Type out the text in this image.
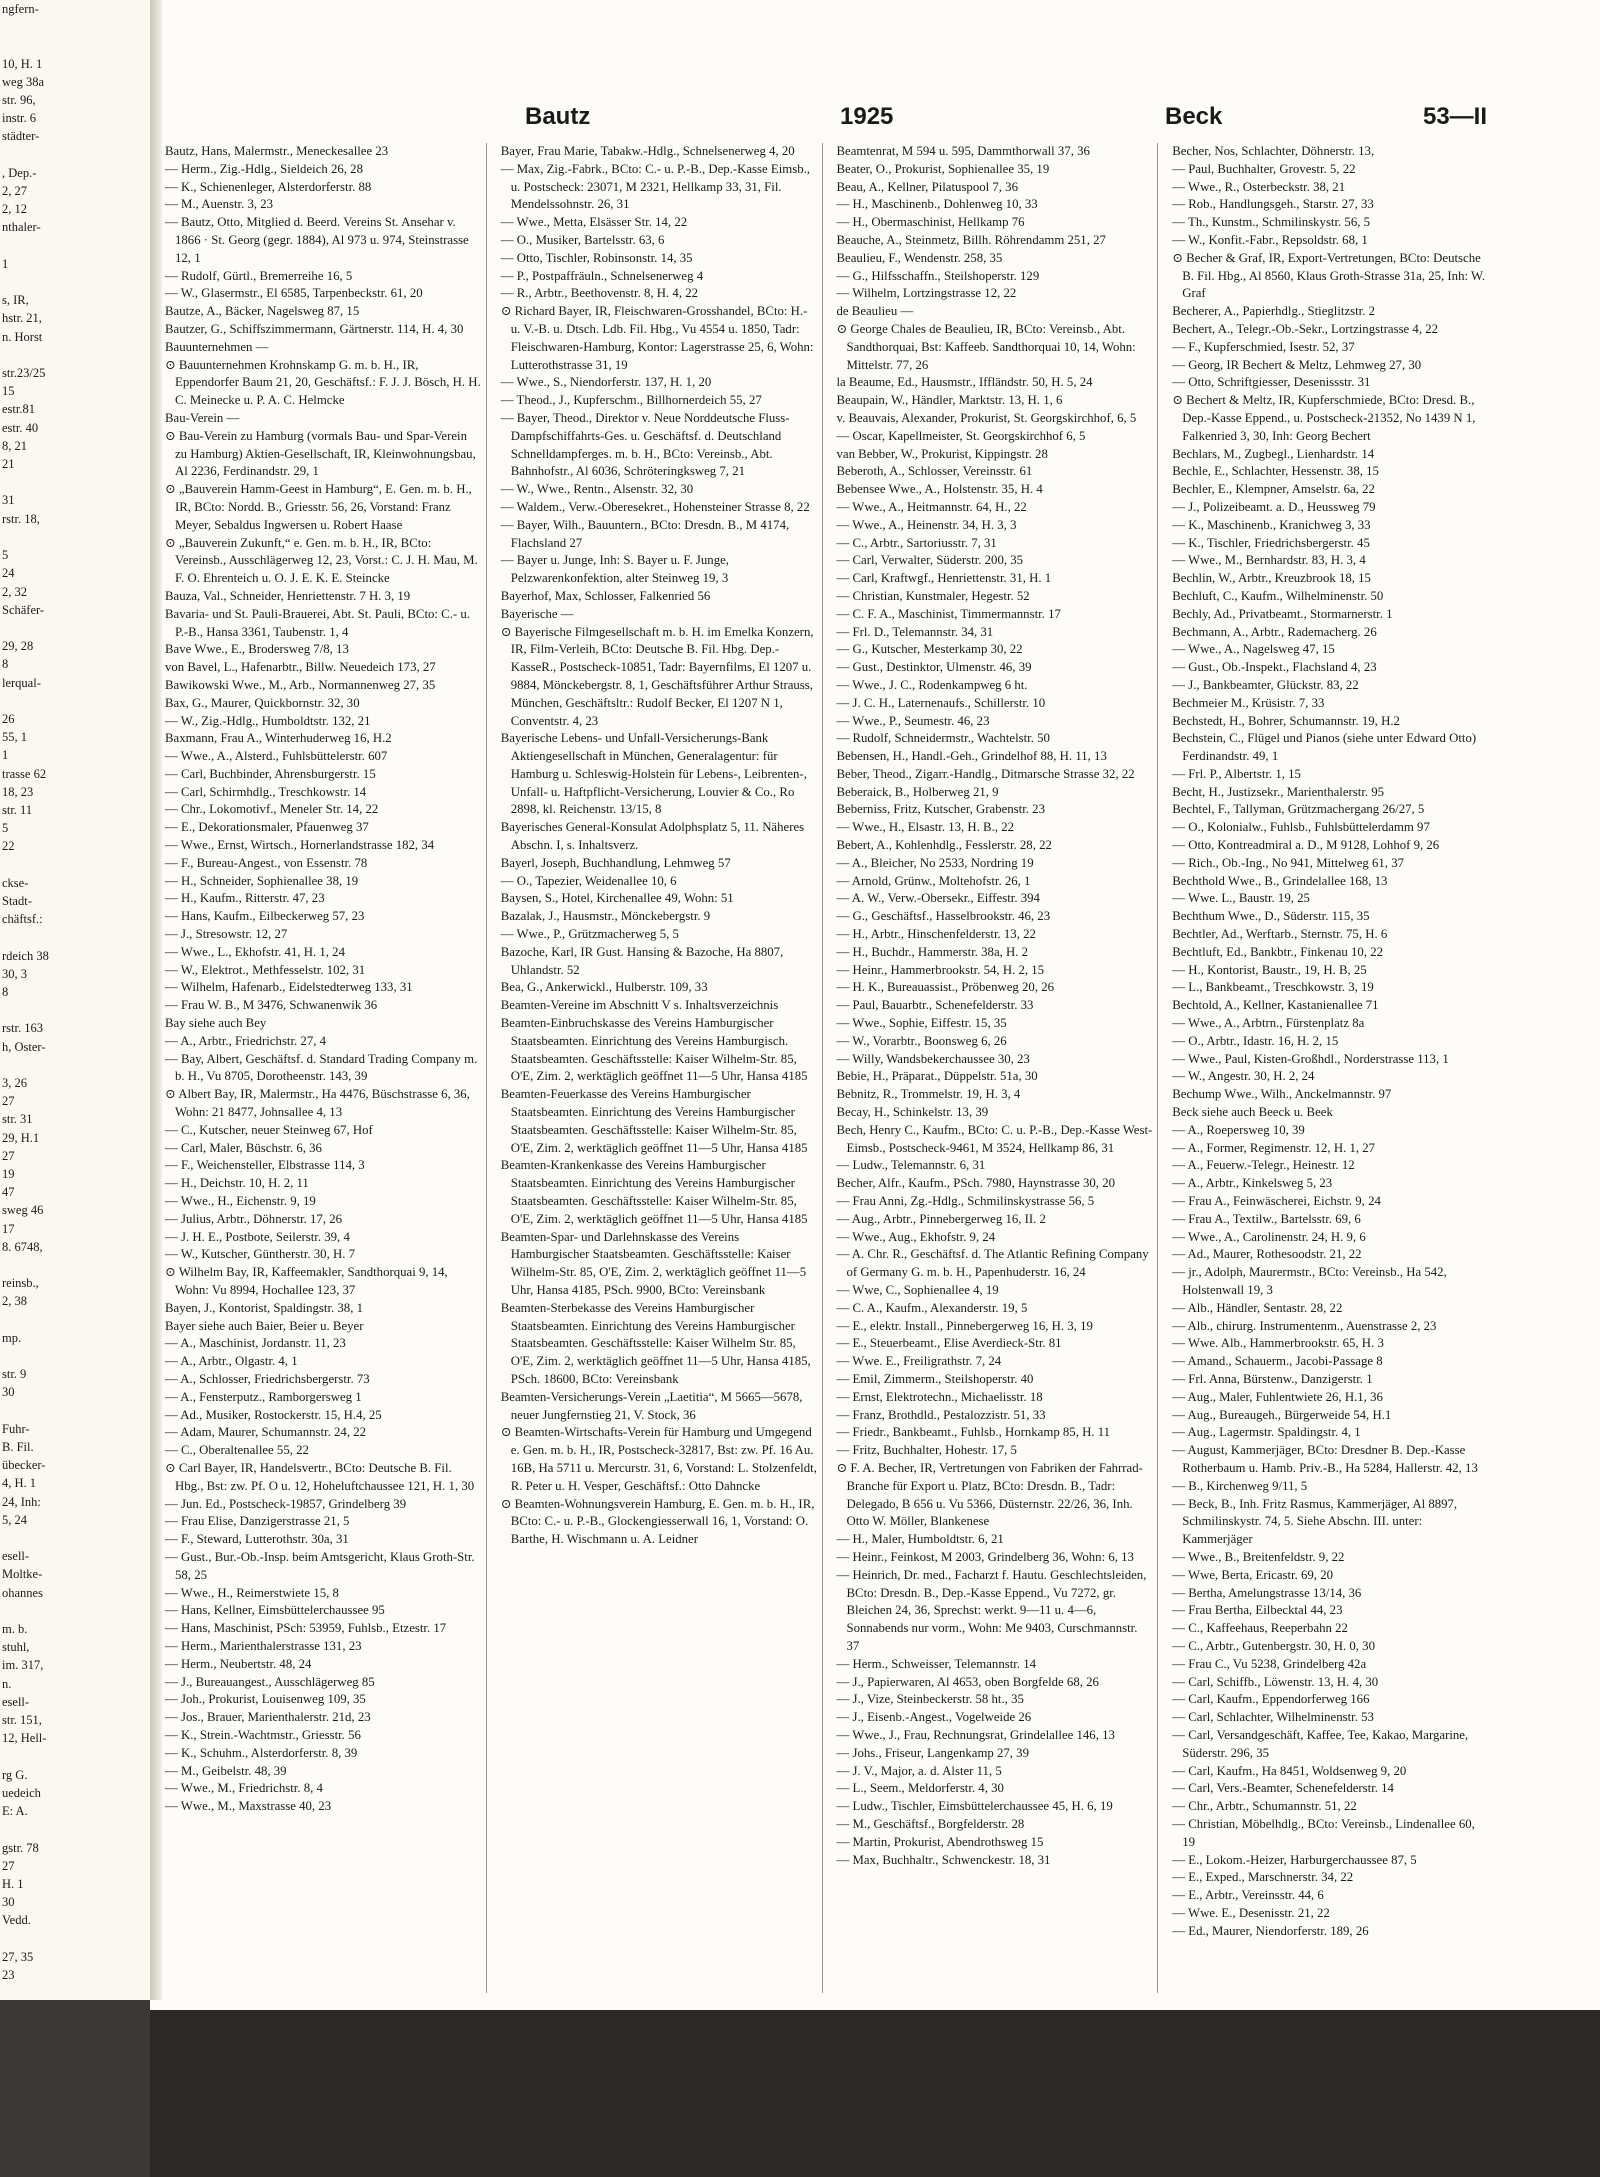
ngfern-

10, H. 1
weg 38a
str. 96,
instr. 6
städter-

, Dep.-
2, 27
2, 12
nthaler-

1

s, IR,
hstr. 21,
n. Horst

str.23/25
15
estr.81
estr. 40
8, 21
21

31
rstr. 18,

5
24
2, 32
Schäfer-

29, 28
8
lerqual-

26
55, 1
1
trasse 62
18, 23
str. 11
5
22

ckse-
Stadt-
chäftsf.:

rdeich 38
30, 3
8

rstr. 163
h, Oster-

3, 26
27
str. 31
29, H.1
27
19
47
sweg 46
17
8. 6748,

reinsb.,
2, 38

mp.

str. 9
30

Fuhr-
B. Fil.
übecker-
4, H. 1
24, Inh:
5, 24

esell-
Moltke-
ohannes

m. b.
stuhl,
im. 317,
n.
esell-
str. 151,
12, Hell-

rg G.
uedeich
E: A.

gstr. 78
27
H. 1
30
Vedd.

27, 35
23

Bautz	1925	Beck	53—II
Bautz, Hans, Malermstr., Meneckesallee 23
— Herm., Zig.-Hdlg., Sieldeich 26, 28
— K., Schienenleger, Alsterdorferstr. 88
— M., Auenstr. 3, 23
— Bautz, Otto, Mitglied d. Beerd. Vereins St. Ansehar v. 1866 · St. Georg (gegr. 1884), Al 973 u. 974, Steinstrasse 12, 1
— Rudolf, Gürtl., Bremerreihe 16, 5
— W., Glasermstr., El 6585, Tarpenbeckstr. 61, 20
Bautze, A., Bäcker, Nagelsweg 87, 15
Bautzer, G., Schiffszimmermann, Gärtnerstr. 114, H. 4, 30
Bauunternehmen —
⊙ Bauunternehmen Krohnskamp G. m. b. H., IR, Eppendorfer Baum 21, 20, Geschäftsf.: F. J. J. Bösch, H. H. C. Meinecke u. P. A. C. Helmcke
Bau-Verein —
⊙ Bau-Verein zu Hamburg (vormals Bau- und Spar-Verein zu Hamburg) Aktien-Gesellschaft, IR, Kleinwohnungsbau, Al 2236, Ferdinandstr. 29, 1
⊙ „Bauverein Hamm-Geest in Hamburg“, E. Gen. m. b. H., IR, BCto: Nordd. B., Griesstr. 56, 26, Vorstand: Franz Meyer, Sebaldus Ingwersen u. Robert Haase
⊙ „Bauverein Zukunft,“ e. Gen. m. b. H., IR, BCto: Vereinsb., Ausschlägerweg 12, 23, Vorst.: C. J. H. Mau, M. F. O. Ehrenteich u. O. J. E. K. E. Steincke
Bauza, Val., Schneider, Henriettenstr. 7 H. 3, 19
Bavaria- und St. Pauli-Brauerei, Abt. St. Pauli, BCto: C.- u. P.-B., Hansa 3361, Taubenstr. 1, 4
Bave Wwe., E., Brodersweg 7/8, 13
von Bavel, L., Hafenarbtr., Billw. Neuedeich 173, 27
Bawikowski Wwe., M., Arb., Normannenweg 27, 35
Bax, G., Maurer, Quickbornstr. 32, 30
— W., Zig.-Hdlg., Humboldtstr. 132, 21
Baxmann, Frau A., Winterhuderweg 16, H.2
— Wwe., A., Alsterd., Fuhlsbüttelerstr. 607
— Carl, Buchbinder, Ahrensburgerstr. 15
— Carl, Schirmhdlg., Treschkowstr. 14
— Chr., Lokomotivf., Meneler Str. 14, 22
— E., Dekorationsmaler, Pfauenweg 37
— Wwe., Ernst, Wirtsch., Hornerlandstrasse 182, 34
— F., Bureau-Angest., von Essenstr. 78
— H., Schneider, Sophienallee 38, 19
— H., Kaufm., Ritterstr. 47, 23
— Hans, Kaufm., Eilbeckerweg 57, 23
— J., Stresowstr. 12, 27
— Wwe., L., Ekhofstr. 41, H. 1, 24
— W., Elektrot., Methfesselstr. 102, 31
— Wilhelm, Hafenarb., Eidelstedterweg 133, 31
— Frau W. B., M 3476, Schwanenwik 36
Bay siehe auch Bey
— A., Arbtr., Friedrichstr. 27, 4
— Bay, Albert, Geschäftsf. d. Standard Trading Company m. b. H., Vu 8705, Dorotheenstr. 143, 39
⊙ Albert Bay, IR, Malermstr., Ha 4476, Büschstrasse 6, 36, Wohn: 21 8477, Johnsallee 4, 13
— C., Kutscher, neuer Steinweg 67, Hof
— Carl, Maler, Büschstr. 6, 36
— F., Weichensteller, Elbstrasse 114, 3
— H., Deichstr. 10, H. 2, 11
— Wwe., H., Eichenstr. 9, 19
— Julius, Arbtr., Döhnerstr. 17, 26
— J. H. E., Postbote, Seilerstr. 39, 4
— W., Kutscher, Güntherstr. 30, H. 7
⊙ Wilhelm Bay, IR, Kaffeemakler, Sandthorquai 9, 14, Wohn: Vu 8994, Hochallee 123, 37
Bayen, J., Kontorist, Spaldingstr. 38, 1
Bayer siehe auch Baier, Beier u. Beyer
— A., Maschinist, Jordanstr. 11, 23
— A., Arbtr., Olgastr. 4, 1
— A., Schlosser, Friedrichsbergerstr. 73
— A., Fensterputz., Ramborgersweg 1
— Ad., Musiker, Rostockerstr. 15, H.4, 25
— Adam, Maurer, Schumannstr. 24, 22
— C., Oberaltenallee 55, 22
⊙ Carl Bayer, IR, Handelsvertr., BCto: Deutsche B. Fil. Hbg., Bst: zw. Pf. O u. 12, Hoheluftchaussee 121, H. 1, 30
— Jun. Ed., Postscheck-19857, Grindelberg 39
— Frau Elise, Danzigerstrasse 21, 5
— F., Steward, Lutterothstr. 30a, 31
— Gust., Bur.-Ob.-Insp. beim Amtsgericht, Klaus Groth-Str. 58, 25
— Wwe., H., Reimerstwiete 15, 8
— Hans, Kellner, Eimsbüttelerchaussee 95
— Hans, Maschinist, PSch: 53959, Fuhlsb., Etzestr. 17
— Herm., Marienthalerstrasse 131, 23
— Herm., Neubertstr. 48, 24
— J., Bureauangest., Ausschlägerweg 85
— Joh., Prokurist, Louisenweg 109, 35
— Jos., Brauer, Marienthalerstr. 21d, 23
— K., Strein.-Wachtmstr., Griesstr. 56
— K., Schuhm., Alsterdorferstr. 8, 39
— M., Geibelstr. 48, 39
— Wwe., M., Friedrichstr. 8, 4
— Wwe., M., Maxstrasse 40, 23
Bayer, Frau Marie, Tabakw.-Hdlg., Schnelsenerweg 4, 20
— Max, Zig.-Fabrk., BCto: C.- u. P.-B., Dep.-Kasse Eimsb., u. Postscheck: 23071, M 2321, Hellkamp 33, 31, Fil. Mendelssohnstr. 26, 31
— Wwe., Metta, Elsässer Str. 14, 22
— O., Musiker, Bartelsstr. 63, 6
— Otto, Tischler, Robinsonstr. 14, 35
— P., Postpaffräuln., Schnelsenerweg 4
— R., Arbtr., Beethovenstr. 8, H. 4, 22
⊙ Richard Bayer, IR, Fleischwaren-Grosshandel, BCto: H.- u. V.-B. u. Dtsch. Ldb. Fil. Hbg., Vu 4554 u. 1850, Tadr: Fleischwaren-Hamburg, Kontor: Lagerstrasse 25, 6, Wohn: Lutterothstrasse 31, 19
— Wwe., S., Niendorferstr. 137, H. 1, 20
— Theod., J., Kupferschm., Billhornerdeich 55, 27
— Bayer, Theod., Direktor v. Neue Norddeutsche Fluss-Dampfschiffahrts-Ges. u. Geschäftsf. d. Deutschland Schnelldampferges. m. b. H., BCto: Vereinsb., Abt. Bahnhofstr., Al 6036, Schröteringksweg 7, 21
— W., Wwe., Rentn., Alsenstr. 32, 30
— Waldem., Verw.-Oberesekret., Hohensteiner Strasse 8, 22
— Bayer, Wilh., Bauuntern., BCto: Dresdn. B., M 4174, Flachsland 27
— Bayer u. Junge, Inh: S. Bayer u. F. Junge, Pelzwarenkonfektion, alter Steinweg 19, 3
Bayerhof, Max, Schlosser, Falkenried 56
Bayerische —
⊙ Bayerische Filmgesellschaft m. b. H. im Emelka Konzern, IR, Film-Verleih, BCto: Deutsche B. Fil. Hbg. Dep.-KasseR., Postscheck-10851, Tadr: Bayernfilms, El 1207 u. 9884, Mönckebergstr. 8, 1, Geschäftsführer Arthur Strauss, München, Geschäftsltr.: Rudolf Becker, El 1207 N 1, Conventstr. 4, 23
Bayerische Lebens- und Unfall-Versicherungs-Bank Aktiengesellschaft in München, Generalagentur: für Hamburg u. Schleswig-Holstein für Lebens-, Leibrenten-, Unfall- u. Haftpflicht-Versicherung, Louvier & Co., Ro 2898, kl. Reichenstr. 13/15, 8
Bayerisches General-Konsulat Adolphsplatz 5, 11. Näheres Abschn. I, s. Inhaltsverz.
Bayerl, Joseph, Buchhandlung, Lehmweg 57
— O., Tapezier, Weidenallee 10, 6
Baysen, S., Hotel, Kirchenallee 49, Wohn: 51
Bazalak, J., Hausmstr., Mönckebergstr. 9
— Wwe., P., Grützmacherweg 5, 5
Bazoche, Karl, IR Gust. Hansing & Bazoche, Ha 8807, Uhlandstr. 52
Bea, G., Ankerwickl., Hulberstr. 109, 33
Beamten-Vereine im Abschnitt V s. Inhaltsverzeichnis
Beamten-Einbruchskasse des Vereins Hamburgischer Staatsbeamten. Einrichtung des Vereins Hamburgisch. Staatsbeamten. Geschäftsstelle: Kaiser Wilhelm-Str. 85, O'E, Zim. 2, werktäglich geöffnet 11—5 Uhr, Hansa 4185
Beamten-Feuerkasse des Vereins Hamburgischer Staatsbeamten. Einrichtung des Vereins Hamburgischer Staatsbeamten. Geschäftsstelle: Kaiser Wilhelm-Str. 85, O'E, Zim. 2, werktäglich geöffnet 11—5 Uhr, Hansa 4185
Beamten-Krankenkasse des Vereins Hamburgischer Staatsbeamten. Einrichtung des Vereins Hamburgischer Staatsbeamten. Geschäftsstelle: Kaiser Wilhelm-Str. 85, O'E, Zim. 2, werktäglich geöffnet 11—5 Uhr, Hansa 4185
Beamten-Spar- und Darlehnskasse des Vereins Hamburgischer Staatsbeamten. Geschäftsstelle: Kaiser Wilhelm-Str. 85, O'E, Zim. 2, werktäglich geöffnet 11—5 Uhr, Hansa 4185, PSch. 9900, BCto: Vereinsbank
Beamten-Sterbekasse des Vereins Hamburgischer Staatsbeamten. Einrichtung des Vereins Hamburgischer Staatsbeamten. Geschäftsstelle: Kaiser Wilhelm Str. 85, O'E, Zim. 2, werktäglich geöffnet 11—5 Uhr, Hansa 4185, PSch. 18600, BCto: Vereinsbank
Beamten-Versicherungs-Verein „Laetitia“, M 5665—5678, neuer Jungfernstieg 21, V. Stock, 36
⊙ Beamten-Wirtschafts-Verein für Hamburg und Umgegend e. Gen. m. b. H., IR, Postscheck-32817, Bst: zw. Pf. 16 Au. 16B, Ha 5711 u. Mercurstr. 31, 6, Vorstand: L. Stolzenfeldt, R. Peter u. H. Vesper, Geschäftsf.: Otto Dahncke
⊙ Beamten-Wohnungsverein Hamburg, E. Gen. m. b. H., IR, BCto: C.- u. P.-B., Glockengiesserwall 16, 1, Vorstand: O. Barthe, H. Wischmann u. A. Leidner
Beamtenrat, M 594 u. 595, Dammthorwall 37, 36
Beater, O., Prokurist, Sophienallee 35, 19
Beau, A., Kellner, Pilatuspool 7, 36
— H., Maschinenb., Dohlenweg 10, 33
— H., Obermaschinist, Hellkamp 76
Beauche, A., Steinmetz, Billh. Röhrendamm 251, 27
Beaulieu, F., Wendenstr. 258, 35
— G., Hilfsschaffn., Steilshoperstr. 129
— Wilhelm, Lortzingstrasse 12, 22
de Beaulieu —
⊙ George Chales de Beaulieu, IR, BCto: Vereinsb., Abt. Sandthorquai, Bst: Kaffeeb. Sandthorquai 10, 14, Wohn: Mittelstr. 77, 26
la Beaume, Ed., Hausmstr., Iffländstr. 50, H. 5, 24
Beaupain, W., Händler, Marktstr. 13, H. 1, 6
v. Beauvais, Alexander, Prokurist, St. Georgskirchhof, 6, 5
— Oscar, Kapellmeister, St. Georgskirchhof 6, 5
van Bebber, W., Prokurist, Kippingstr. 28
Beberoth, A., Schlosser, Vereinsstr. 61
Bebensee Wwe., A., Holstenstr. 35, H. 4
— Wwe., A., Heitmannstr. 64, H., 22
— Wwe., A., Heinenstr. 34, H. 3, 3
— C., Arbtr., Sartoriusstr. 7, 31
— Carl, Verwalter, Süderstr. 200, 35
— Carl, Kraftwgf., Henriettenstr. 31, H. 1
— Christian, Kunstmaler, Hegestr. 52
— C. F. A., Maschinist, Timmermannstr. 17
— Frl. D., Telemannstr. 34, 31
— G., Kutscher, Mesterkamp 30, 22
— Gust., Destinktor, Ulmenstr. 46, 39
— Wwe., J. C., Rodenkampweg 6 ht.
— J. C. H., Laternenaufs., Schillerstr. 10
— Wwe., P., Seumestr. 46, 23
— Rudolf, Schneidermstr., Wachtelstr. 50
Bebensen, H., Handl.-Geh., Grindelhof 88, H. 11, 13
Beber, Theod., Zigarr.-Handlg., Ditmarsche Strasse 32, 22
Beberaick, B., Holberweg 21, 9
Beberniss, Fritz, Kutscher, Grabenstr. 23
— Wwe., H., Elsastr. 13, H. B., 22
Bebert, A., Kohlenhdlg., Fesslerstr. 28, 22
— A., Bleicher, No 2533, Nordring 19
— Arnold, Grünw., Moltehofstr. 26, 1
— A. W., Verw.-Obersekr., Eiffestr. 394
— G., Geschäftsf., Hasselbrookstr. 46, 23
— H., Arbtr., Hinschenfelderstr. 13, 22
— H., Buchdr., Hammerstr. 38a, H. 2
— Heinr., Hammerbrookstr. 54, H. 2, 15
— H. K., Bureauassist., Pröbenweg 20, 26
— Paul, Bauarbtr., Schenefelderstr. 33
— Wwe., Sophie, Eiffestr. 15, 35
— W., Vorarbtr., Boonsweg 6, 26
— Willy, Wandsbekerchaussee 30, 23
Bebie, H., Präparat., Düppelstr. 51a, 30
Bebnitz, R., Trommelstr. 19, H. 3, 4
Becay, H., Schinkelstr. 13, 39
Bech, Henry C., Kaufm., BCto: C. u. P.-B., Dep.-Kasse West-Eimsb., Postscheck-9461, M 3524, Hellkamp 86, 31
— Ludw., Telemannstr. 6, 31
Becher, Alfr., Kaufm., PSch. 7980, Haynstrasse 30, 20
— Frau Anni, Zg.-Hdlg., Schmilinskystrasse 56, 5
— Aug., Arbtr., Pinnebergerweg 16, II. 2
— Wwe., Aug., Ekhofstr. 9, 24
— A. Chr. R., Geschäftsf. d. The Atlantic Refining Company of Germany G. m. b. H., Papenhuderstr. 16, 24
— Wwe, C., Sophienallee 4, 19
— C. A., Kaufm., Alexanderstr. 19, 5
— E., elektr. Install., Pinnebergerweg 16, H. 3, 19
— E., Steuerbeamt., Elise Averdieck-Str. 81
— Wwe. E., Freiligrathstr. 7, 24
— Emil, Zimmerm., Steilshoperstr. 40
— Ernst, Elektrotechn., Michaelisstr. 18
— Franz, Brothdld., Pestalozzistr. 51, 33
— Friedr., Bankbeamt., Fuhlsb., Hornkamp 85, H. 11
— Fritz, Buchhalter, Hohestr. 17, 5
⊙ F. A. Becher, IR, Vertretungen von Fabriken der Fahrrad-Branche für Export u. Platz, BCto: Dresdn. B., Tadr: Delegado, B 656 u. Vu 5366, Düsternstr. 22/26, 36, Inh. Otto W. Möller, Blankenese
— H., Maler, Humboldtstr. 6, 21
— Heinr., Feinkost, M 2003, Grindelberg 36, Wohn: 6, 13
— Heinrich, Dr. med., Facharzt f. Hautu. Geschlechtsleiden, BCto: Dresdn. B., Dep.-Kasse Eppend., Vu 7272, gr. Bleichen 24, 36, Sprechst: werkt. 9—11 u. 4—6, Sonnabends nur vorm., Wohn: Me 9403, Curschmannstr. 37
— Herm., Schweisser, Telemannstr. 14
— J., Papierwaren, Al 4653, oben Borgfelde 68, 26
— J., Vize, Steinbeckerstr. 58 ht., 35
— J., Eisenb.-Angest., Vogelweide 26
— Wwe., J., Frau, Rechnungsrat, Grindelallee 146, 13
— Johs., Friseur, Langenkamp 27, 39
— J. V., Major, a. d. Alster 11, 5
— L., Seem., Meldorferstr. 4, 30
— Ludw., Tischler, Eimsbüttelerchaussee 45, H. 6, 19
— M., Geschäftsf., Borgfelderstr. 28
— Martin, Prokurist, Abendrothsweg 15
— Max, Buchhaltr., Schwenckestr. 18, 31
Becher, Nos, Schlachter, Döhnerstr. 13,
— Paul, Buchhalter, Grovestr. 5, 22
— Wwe., R., Osterbeckstr. 38, 21
— Rob., Handlungsgeh., Starstr. 27, 33
— Th., Kunstm., Schmilinskystr. 56, 5
— W., Konfit.-Fabr., Repsoldstr. 68, 1
⊙ Becher & Graf, IR, Export-Vertretungen, BCto: Deutsche B. Fil. Hbg., Al 8560, Klaus Groth-Strasse 31a, 25, Inh: W. Graf
Becherer, A., Papierhdlg., Stieglitzstr. 2
Bechert, A., Telegr.-Ob.-Sekr., Lortzingstrasse 4, 22
— F., Kupferschmied, Isestr. 52, 37
— Georg, IR Bechert & Meltz, Lehmweg 27, 30
— Otto, Schriftgiesser, Desenissstr. 31
⊙ Bechert & Meltz, IR, Kupferschmiede, BCto: Dresd. B., Dep.-Kasse Eppend., u. Postscheck-21352, No 1439 N 1, Falkenried 3, 30, Inh: Georg Bechert
Bechlars, M., Zugbegl., Lienhardstr. 14
Bechle, E., Schlachter, Hessenstr. 38, 15
Bechler, E., Klempner, Amselstr. 6a, 22
— J., Polizeibeamt. a. D., Heussweg 79
— K., Maschinenb., Kranichweg 3, 33
— K., Tischler, Friedrichsbergerstr. 45
— Wwe., M., Bernhardstr. 83, H. 3, 4
Bechlin, W., Arbtr., Kreuzbrook 18, 15
Bechluft, C., Kaufm., Wilhelminenstr. 50
Bechly, Ad., Privatbeamt., Stormarnerstr. 1
Bechmann, A., Arbtr., Rademacherg. 26
— Wwe., A., Nagelsweg 47, 15
— Gust., Ob.-Inspekt., Flachsland 4, 23
— J., Bankbeamter, Glückstr. 83, 22
Bechmeier M., Krüsistr. 7, 33
Bechstedt, H., Bohrer, Schumannstr. 19, H.2
Bechstein, C., Flügel und Pianos (siehe unter Edward Otto) Ferdinandstr. 49, 1
— Frl. P., Albertstr. 1, 15
Becht, H., Justizsekr., Marienthalerstr. 95
Bechtel, F., Tallyman, Grützmachergang 26/27, 5
— O., Kolonialw., Fuhlsb., Fuhlsbüttelerdamm 97
— Otto, Kontreadmiral a. D., M 9128, Lohhof 9, 26
— Rich., Ob.-Ing., No 941, Mittelweg 61, 37
Bechthold Wwe., B., Grindelallee 168, 13
— Wwe. L., Baustr. 19, 25
Bechthum Wwe., D., Süderstr. 115, 35
Bechtler, Ad., Werftarb., Sternstr. 75, H. 6
Bechtluft, Ed., Bankbtr., Finkenau 10, 22
— H., Kontorist, Baustr., 19, H. B, 25
— L., Bankbeamt., Treschkowstr. 3, 19
Bechtold, A., Kellner, Kastanienallee 71
— Wwe., A., Arbtrn., Fürstenplatz 8a
— O., Arbtr., Idastr. 16, H. 2, 15
— Wwe., Paul, Kisten-Großhdl., Norderstrasse 113, 1
— W., Angestr. 30, H. 2, 24
Bechump Wwe., Wilh., Anckelmannstr. 97
Beck siehe auch Beeck u. Beek
— A., Roepersweg 10, 39
— A., Former, Regimenstr. 12, H. 1, 27
— A., Feuerw.-Telegr., Heinestr. 12
— A., Arbtr., Kinkelsweg 5, 23
— Frau A., Feinwäscherei, Eichstr. 9, 24
— Frau A., Textilw., Bartelsstr. 69, 6
— Wwe., A., Carolinenstr. 24, H. 9, 6
— Ad., Maurer, Rothesoodstr. 21, 22
— jr., Adolph, Maurermstr., BCto: Vereinsb., Ha 542, Holstenwall 19, 3
— Alb., Händler, Sentastr. 28, 22
— Alb., chirurg. Instrumentenm., Auenstrasse 2, 23
— Wwe. Alb., Hammerbrookstr. 65, H. 3
— Amand., Schauerm., Jacobi-Passage 8
— Frl. Anna, Bürstenw., Danzigerstr. 1
— Aug., Maler, Fuhlentwiete 26, H.1, 36
— Aug., Bureaugeh., Bürgerweide 54, H.1
— Aug., Lagermstr. Spaldingstr. 4, 1
— August, Kammerjäger, BCto: Dresdner B. Dep.-Kasse Rotherbaum u. Hamb. Priv.-B., Ha 5284, Hallerstr. 42, 13
— B., Kirchenweg 9/11, 5
— Beck, B., Inh. Fritz Rasmus, Kammerjäger, Al 8897, Schmilinskystr. 74, 5. Siehe Abschn. III. unter: Kammerjäger
— Wwe., B., Breitenfeldstr. 9, 22
— Wwe, Berta, Ericastr. 69, 20
— Bertha, Amelungstrasse 13/14, 36
— Frau Bertha, Eilbecktal 44, 23
— C., Kaffeehaus, Reeperbahn 22
— C., Arbtr., Gutenbergstr. 30, H. 0, 30
— Frau C., Vu 5238, Grindelberg 42a
— Carl, Schiffb., Löwenstr. 13, H. 4, 30
— Carl, Kaufm., Eppendorferweg 166
— Carl, Schlachter, Wilhelminenstr. 53
— Carl, Versandgeschäft, Kaffee, Tee, Kakao, Margarine, Süderstr. 296, 35
— Carl, Kaufm., Ha 8451, Woldsenweg 9, 20
— Carl, Vers.-Beamter, Schenefelderstr. 14
— Chr., Arbtr., Schumannstr. 51, 22
— Christian, Möbelhdlg., BCto: Vereinsb., Lindenallee 60, 19
— E., Lokom.-Heizer, Harburgerchaussee 87, 5
— E., Exped., Marschnerstr. 34, 22
— E., Arbtr., Vereinsstr. 44, 6
— Wwe. E., Desenisstr. 21, 22
— Ed., Maurer, Niendorferstr. 189, 26
